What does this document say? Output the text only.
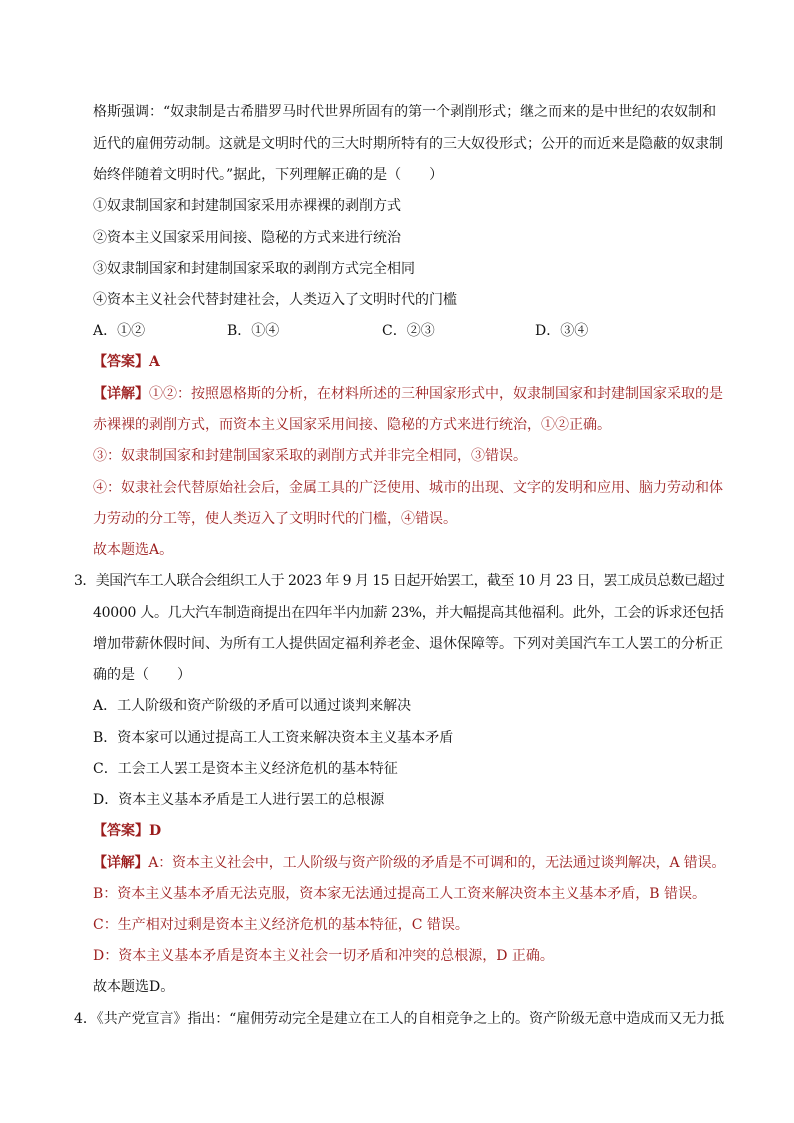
格斯强调：“奴隶制是古希腊罗马时代世界所固有的第一个剥削形式；继之而来的是中世纪的农奴制和
近代的雇佣劳动制。这就是文明时代的三大时期所特有的三大奴役形式；公开的而近来是隐蔽的奴隶制
始终伴随着文明时代。”据此，下列理解正确的是（　　）
①奴隶制国家和封建制国家采用赤裸裸的剥削方式
②资本主义国家采用间接、隐秘的方式来进行统治
③奴隶制国家和封建制国家采取的剥削方式完全相同
④资本主义社会代替封建社会，人类迈入了文明时代的门槛
A．①②	B．①④	C．②③	D．③④
【答案】A
【详解】①②：按照恩格斯的分析，在材料所述的三种国家形式中，奴隶制国家和封建制国家采取的是
赤裸裸的剥削方式，而资本主义国家采用间接、隐秘的方式来进行统治，①②正确。
③：奴隶制国家和封建制国家采取的剥削方式并非完全相同，③错误。
④：奴隶社会代替原始社会后，金属工具的广泛使用、城市的出现、文字的发明和应用、脑力劳动和体
力劳动的分工等，使人类迈入了文明时代的门槛，④错误。
故本题选A。
3．美国汽车工人联合会组织工人于 2023 年 9 月 15 日起开始罢工，截至 10 月 23 日，罢工成员总数已超过
40000 人。几大汽车制造商提出在四年半内加薪 23%，并大幅提高其他福利。此外，工会的诉求还包括
增加带薪休假时间、为所有工人提供固定福利养老金、退休保障等。下列对美国汽车工人罢工的分析正
确的是（　　）
A．工人阶级和资产阶级的矛盾可以通过谈判来解决
B．资本家可以通过提高工人工资来解决资本主义基本矛盾
C．工会工人罢工是资本主义经济危机的基本特征
D．资本主义基本矛盾是工人进行罢工的总根源
【答案】D
【详解】A：资本主义社会中，工人阶级与资产阶级的矛盾是不可调和的，无法通过谈判解决，A 错误。
B：资本主义基本矛盾无法克服，资本家无法通过提高工人工资来解决资本主义基本矛盾，B 错误。
C：生产相对过剩是资本主义经济危机的基本特征，C 错误。
D：资本主义基本矛盾是资本主义社会一切矛盾和冲突的总根源，D 正确。
故本题选D。
4．《共产党宣言》指出：“雇佣劳动完全是建立在工人的自相竞争之上的。资产阶级无意中造成而又无力抵
